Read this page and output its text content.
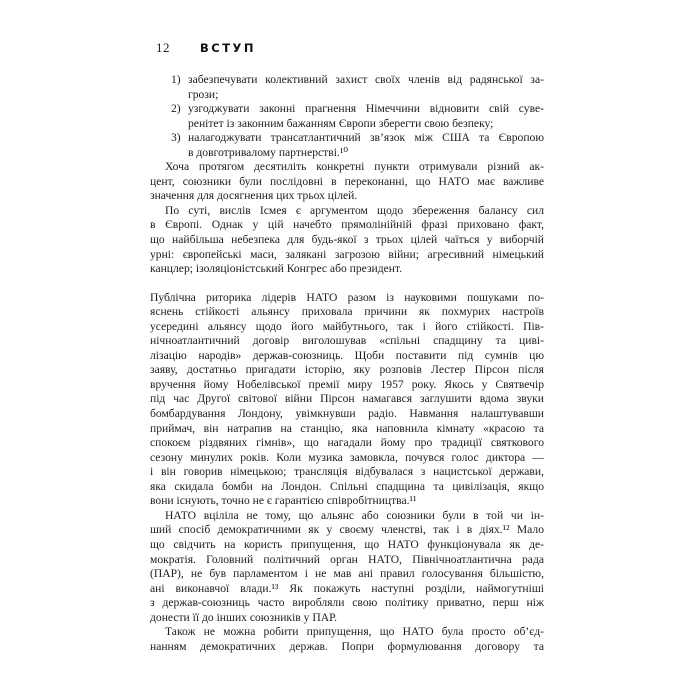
12	ВСТУП
1) забезпечувати колективний захист своїх членів від радянської за-
грози;
2) узгоджувати законні прагнення Німеччини відновити свій суве-
ренітет із законним бажанням Європи зберегти свою безпеку;
3) налагоджувати трансатлантичний зв’язок між США та Європою
в довготривалому партнерстві.¹⁰
Хоча протягом десятиліть конкретні пункти отримували різний ак-
цент, союзники були послідовні в переконанні, що НАТО має важливе
значення для досягнення цих трьох цілей.
По суті, вислів Ісмея є аргументом щодо збереження балансу сил
в Європі. Однак у цій начебто прямолінійній фразі приховано факт,
що найбільша небезпека для будь-якої з трьох цілей чаїться у виборчій
урні: європейські маси, залякані загрозою війни; агресивний німецький
канцлер; ізоляціоністський Конгрес або президент.
Публічна риторика лідерів НАТО разом із науковими пошуками по-
яснень стійкості альянсу приховала причини як похмурих настроїв
усередині альянсу щодо його майбутнього, так і його стійкості. Пів-
нічноатлантичний договір виголошував «спільні спадщину та циві-
лізацію народів» держав-союзниць. Щоби поставити під сумнів цю
заяву, достатньо пригадати історію, яку розповів Лестер Пірсон після
вручення йому Нобелівської премії миру 1957 року. Якось у Святвечір
під час Другої світової війни Пірсон намагався заглушити вдома звуки
бомбардування Лондону, увімкнувши радіо. Навмання налаштувавши
приймач, він натрапив на станцію, яка наповнила кімнату «красою та
спокоєм різдвяних гімнів», що нагадали йому про традиції святкового
сезону минулих років. Коли музика замовкла, почувся голос диктора —
і він говорив німецькою; трансляція відбувалася з нацистської держави,
яка скидала бомби на Лондон. Спільні спадщина та цивілізація, якщо
вони існують, точно не є гарантією співробітництва.¹¹
НАТО вціліла не тому, що альянс або союзники були в той чи ін-
ший спосіб демократичними як у своєму членстві, так і в діях.¹² Мало
що свідчить на користь припущення, що НАТО функціонувала як де-
мократія. Головний політичний орган НАТО, Північноатлантична рада
(ПАР), не був парламентом і не мав ані правил голосування більшістю,
ані виконавчої влади.¹³ Як покажуть наступні розділи, наймогутніші
з держав-союзниць часто виробляли свою політику приватно, перш ніж
донести її до інших союзників у ПАР.
Також не можна робити припущення, що НАТО була просто об’єд-
нанням демократичних держав. Попри формулювання договору та
